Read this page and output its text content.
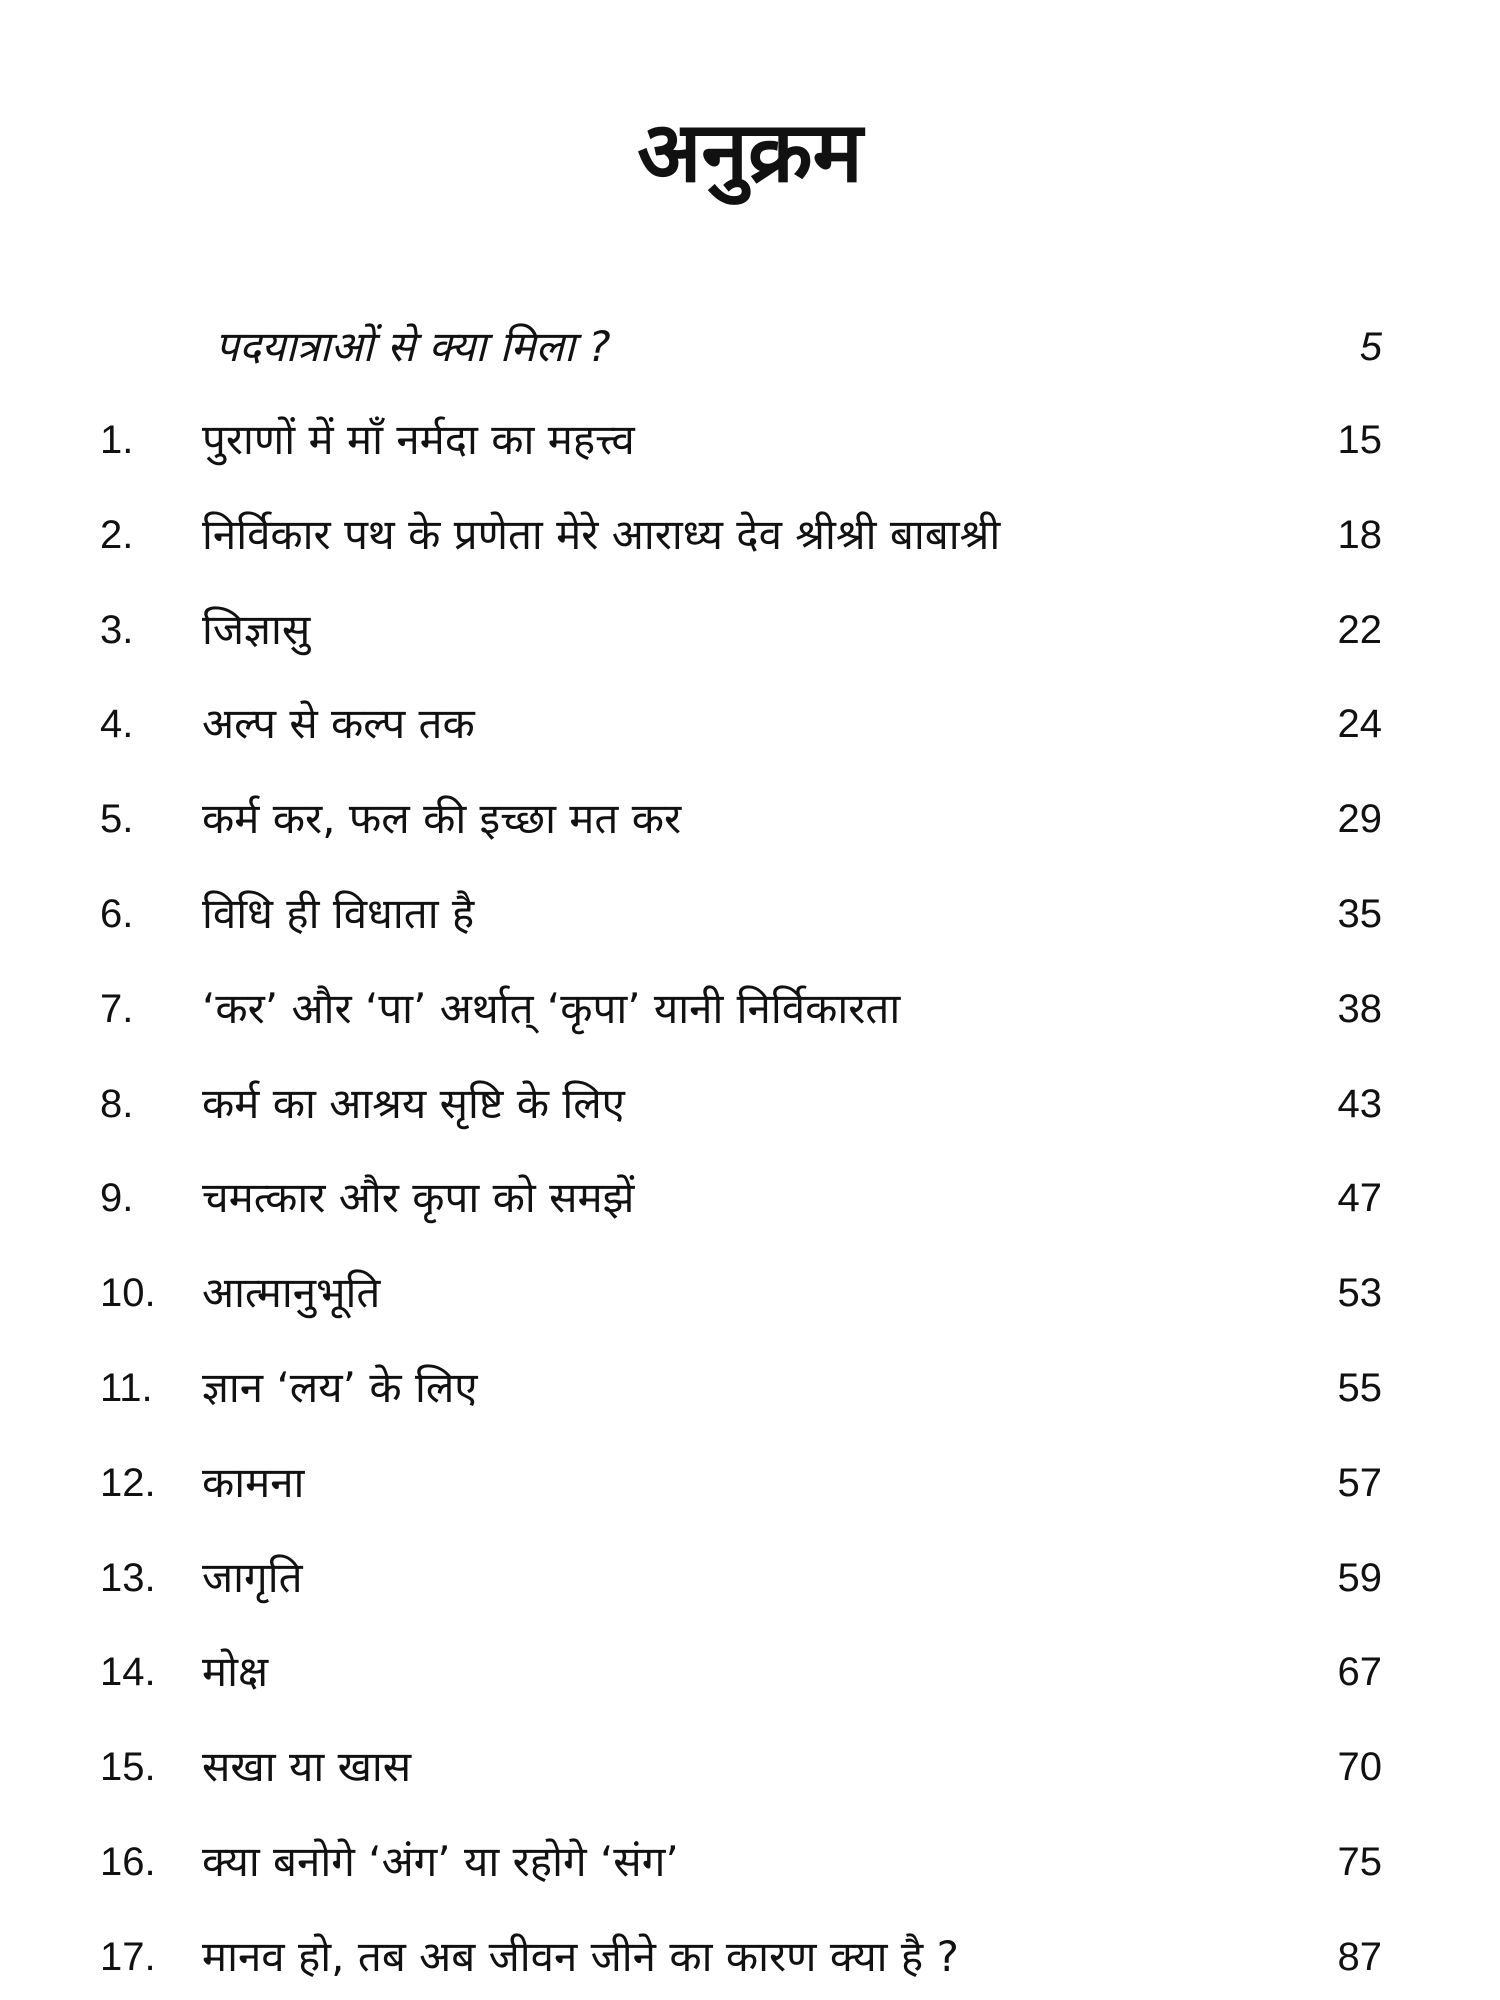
अनुक्रम
पदयात्राओं से क्या मिला ?	5
1. पुराणों में माँ नर्मदा का महत्त्व	15
2. निर्विकार पथ के प्रणेता मेरे आराध्य देव श्रीश्री बाबाश्री	18
3. जिज्ञासु	22
4. अल्प से कल्प तक	24
5. कर्म कर, फल की इच्छा मत कर	29
6. विधि ही विधाता है	35
7. ‘कर’ और ‘पा’ अर्थात् ‘कृपा’ यानी निर्विकारता	38
8. कर्म का आश्रय सृष्टि के लिए	43
9. चमत्कार और कृपा को समझें	47
10. आत्मानुभूति	53
11. ज्ञान ‘लय’ के लिए	55
12. कामना	57
13. जागृति	59
14. मोक्ष	67
15. सखा या खास	70
16. क्या बनोगे ‘अंग’ या रहोगे ‘संग’	75
17. मानव हो, तब अब जीवन जीने का कारण क्या है ?	87
